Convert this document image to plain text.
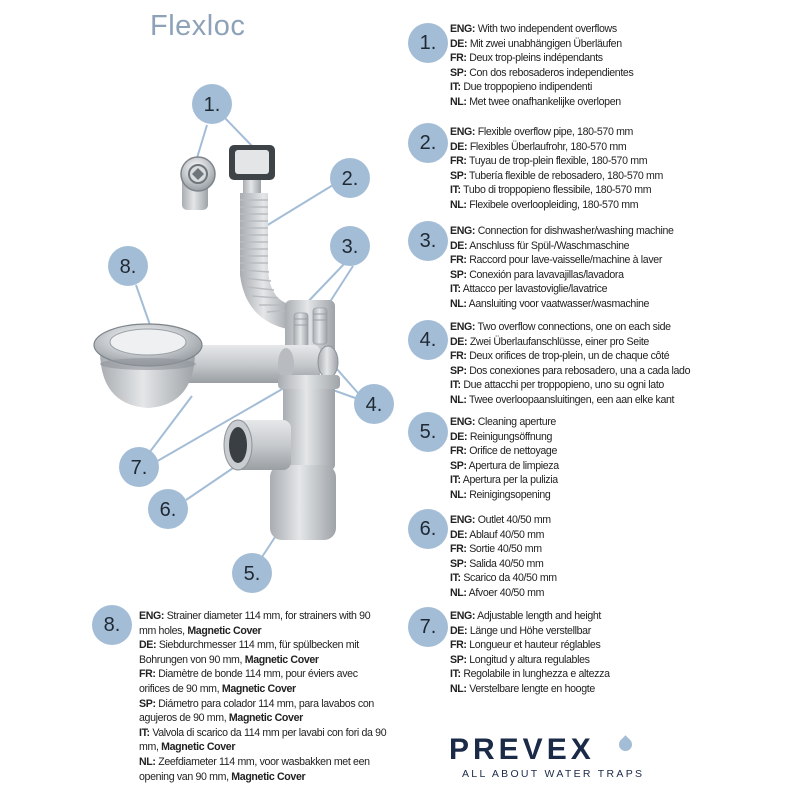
Flexloc
1.
2.
3.
4.
5.
6.
7.
8.
1.
2.
3.
4.
5.
6.
7.
8.
ENG: With two independent overflows
DE: Mit zwei unabhängigen Überläufen
FR: Deux trop-pleins indépendants
SP: Con dos rebosaderos independientes
IT: Due troppopieno indipendenti
NL: Met twee onafhankelijke overlopen
ENG: Flexible overflow pipe, 180-570 mm
DE: Flexibles Überlaufrohr, 180-570 mm
FR: Tuyau de trop-plein flexible, 180-570 mm
SP: Tubería flexible de rebosadero, 180-570 mm
IT: Tubo di troppopieno flessibile, 180-570 mm
NL: Flexibele overloopleiding, 180-570 mm
ENG: Connection for dishwasher/washing machine
DE: Anschluss für Spül-/Waschmaschine
FR: Raccord pour lave-vaisselle/machine à laver
SP: Conexión para lavavajillas/lavadora
IT: Attacco per lavastoviglie/lavatrice
NL: Aansluiting voor vaatwasser/wasmachine
ENG: Two overflow connections, one on each side
DE: Zwei Überlaufanschlüsse, einer pro Seite
FR: Deux orifices de trop-plein, un de chaque côté
SP: Dos conexiones para rebosadero, una a cada lado
IT: Due attacchi per troppopieno, uno su ogni lato
NL: Twee overloopaansluitingen, een aan elke kant
ENG: Cleaning aperture
DE: Reinigungsöffnung
FR: Orifice de nettoyage
SP: Apertura de limpieza
IT: Apertura per la pulizia
NL: Reinigingsopening
ENG: Outlet 40/50 mm
DE: Ablauf 40/50 mm
FR: Sortie 40/50 mm
SP: Salida 40/50 mm
IT: Scarico da 40/50 mm
NL: Afvoer 40/50 mm
ENG: Adjustable length and height
DE: Länge und Höhe verstellbar
FR: Longueur et hauteur réglables
SP: Longitud y altura regulables
IT: Regolabile in lunghezza e altezza
NL: Verstelbare lengte en hoogte
ENG: Strainer diameter 114 mm, for strainers with 90 mm holes, Magnetic Cover
DE: Siebdurchmesser 114 mm, für spülbecken mit Bohrungen von 90 mm, Magnetic Cover
FR: Diamètre de bonde 114 mm, pour éviers avec orifices de 90 mm, Magnetic Cover
SP: Diámetro para colador 114 mm, para lavabos con agujeros de 90 mm, Magnetic Cover
IT: Valvola di scarico da 114 mm per lavabi con fori da 90 mm, Magnetic Cover
NL: Zeefdiameter 114 mm, voor wasbakken met een opening van 90 mm, Magnetic Cover
PREVEX
ALL ABOUT WATER TRAPS
